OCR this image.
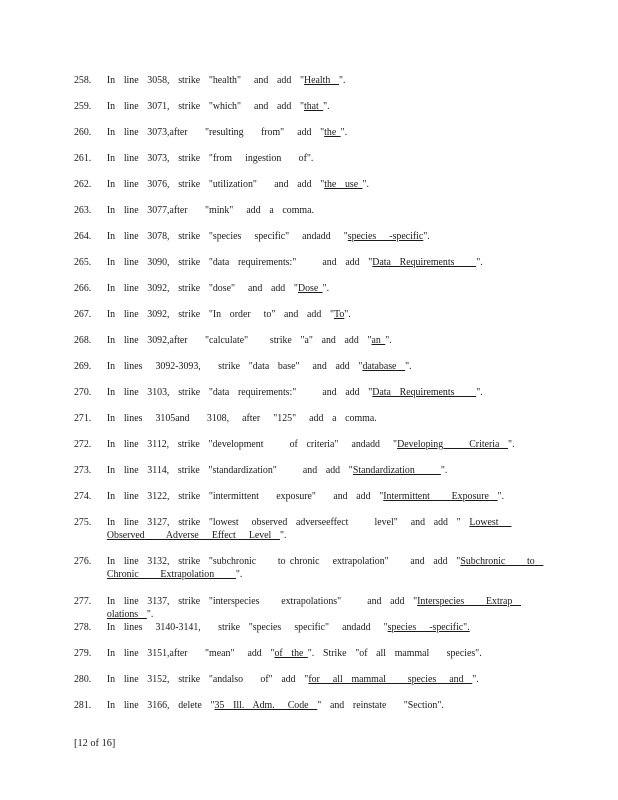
258.	In  line  3058,  strike  "health"   and  add  "Health  ".
259.	In  line  3071,  strike  "which"   and  add  "that ".
260.	In  line  3073,after    "resulting    from"   add  "the ".
261.	In  line  3073,  strike  "from   ingestion    of".
262.	In  line  3076,  strike  "utilization"    and  add  "the  use ".
263.	In  line  3077,after    "mink"   add  a  comma.
264.	In  line  3078,  strike  "species   specific"   andadd   "species   -specific".
265.	In  line  3090,  strike  "data  requirements:"      and  add  "Data  Requirements     ".
266.	In  line  3092,  strike  "dose"   and  add  "Dose ".
267.	In  line  3092,  strike  "In  order   to"  and  add  "To".
268.	In  line  3092,after    "calculate"     strike  "a"  and  add  "an ".
269.	In  lines   3092-3093,    strike  "data  base"   and  add  "database  ".
270.	In  line  3103,  strike  "data  requirements:"      and  add  "Data  Requirements     ".
271.	In  lines   3105and    3108,   after   "125"   add  a  comma.
272.	In  line  3112,  strike  "development      of  criteria"   andadd   "Developing      Criteria  ".
273.	In  line  3114,  strike  "standardization"      and  add  "Standardization      ".
274.	In  line  3122,  strike  "intermittent    exposure"    and  add  "Intermittent     Exposure  ".
275.	In  line  3127,  strike  "lowest   observed  adverseeffect      level"   and  add  "  Lowest   Observed     Adverse   Effect   Level  ".
276.	In  line  3132,  strike  "subchronic     to chronic   extrapolation"     and  add  "Subchronic     to  Chronic     Extrapolation     ".
277.	In  line  3137,  strike  "interspecies     extrapolations"      and  add  "Interspecies     Extrap  olations  ".
278.	In  lines   3140-3141,    strike  "species   specific"   andadd   "species   -specific".
279.	In  line  3151,after    "mean"   add  "of  the ".  Strike  "of  all  mammal    species".
280.	In  line  3152,  strike  "andalso    of"  add  "for   all  mammal     species   and  ".
281.	In  line  3166,  delete  "35  Ill.  Adm.   Code  "  and  reinstate    "Section".
[12 of 16]
